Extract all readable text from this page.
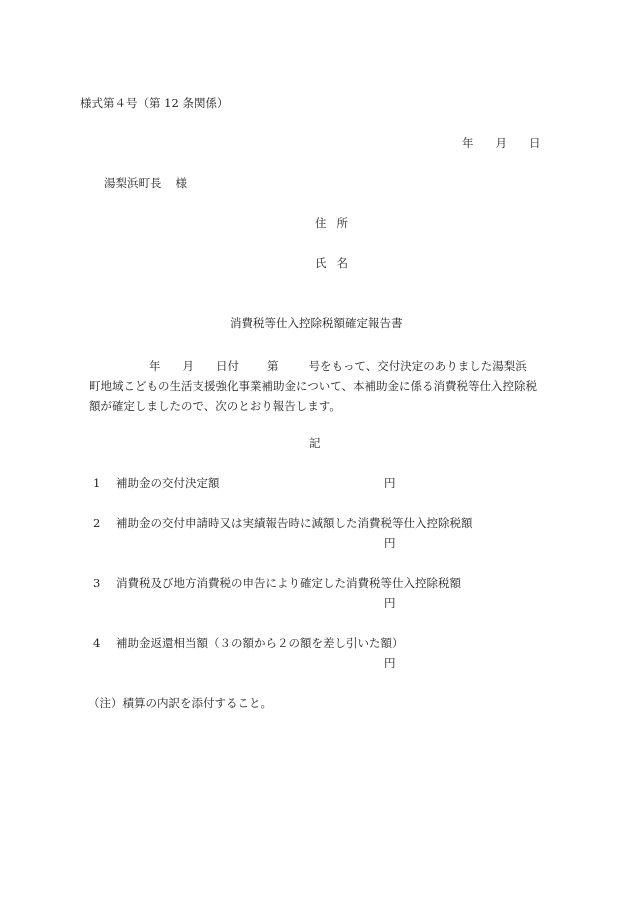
様式第４号（第 12 条関係）
年 月 日
湯梨浜町長 様
住 所
氏 名
消費税等仕入控除税額確定報告書
年 月 日付 第	号をもって、交付決定のありました湯梨浜
町地域こどもの生活支援強化事業補助金について、本補助金に係る消費税等仕入控除税
額が確定しましたので、次のとおり報告します。
記
1 補助金の交付決定額	円
2 補助金の交付申請時又は実績報告時に減額した消費税等仕入控除税額
円
3 消費税及び地方消費税の申告により確定した消費税等仕入控除税額
円
4 補助金返還相当額（３の額から２の額を差し引いた額）
円
（注）積算の内訳を添付すること。
